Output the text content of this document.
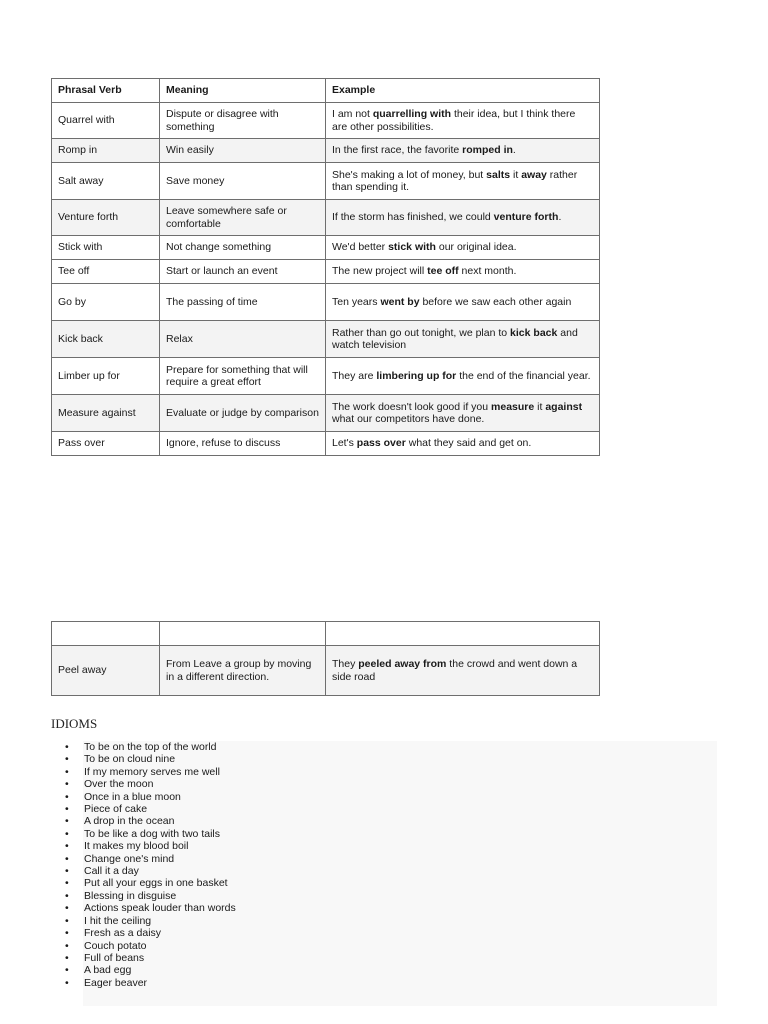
Phrasal Verb	Meaning	Example
Quarrel with	Dispute or disagree with something	I am not quarrelling with their idea, but I think there are other possibilities.
Romp in	Win easily	In the first race, the favorite romped in.
Salt away	Save money	She's making a lot of money, but salts it away rather than spending it.
Venture forth	Leave somewhere safe or comfortable	If the storm has finished, we could venture forth.
Stick with	Not change something	We'd better stick with our original idea.
Tee off	Start or launch an event	The new project will tee off next month.
Go by	The passing of time	Ten years went by before we saw each other again
Kick back	Relax	Rather than go out tonight, we plan to kick back and watch television
Limber up for	Prepare for something that will require a great effort	They are limbering up for the end of the financial year.
Measure against	Evaluate or judge by comparison	The work doesn't look good if you measure it against what our competitors have done.
Pass over	Ignore, refuse to discuss	Let's pass over what they said and get on.

Peel away	From Leave a group by moving in a different direction.	They peeled away from the crowd and went down a side road
IDIOMS
• To be on the top of the world
• To be on cloud nine
• If my memory serves me well
• Over the moon
• Once in a blue moon
• Piece of cake
• A drop in the ocean
• To be like a dog with two tails
• It makes my blood boil
• Change one's mind
• Call it a day
• Put all your eggs in one basket
• Blessing in disguise
• Actions speak louder than words
• I hit the ceiling
• Fresh as a daisy
• Couch potato
• Full of beans
• A bad egg
• Eager beaver
